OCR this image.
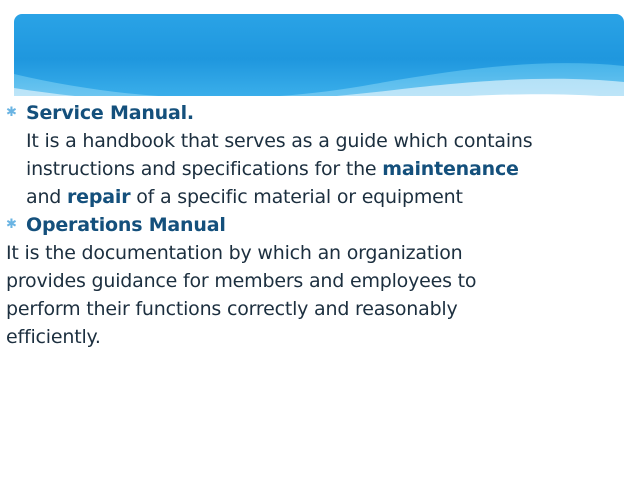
✱ Service Manual.
It is a handbook that serves as a guide which contains
instructions and specifications for the maintenance
and repair of a specific material or equipment
✱ Operations Manual
It is the documentation by which an organization provides guidance for members and employees to perform their functions correctly and reasonably efficiently.
